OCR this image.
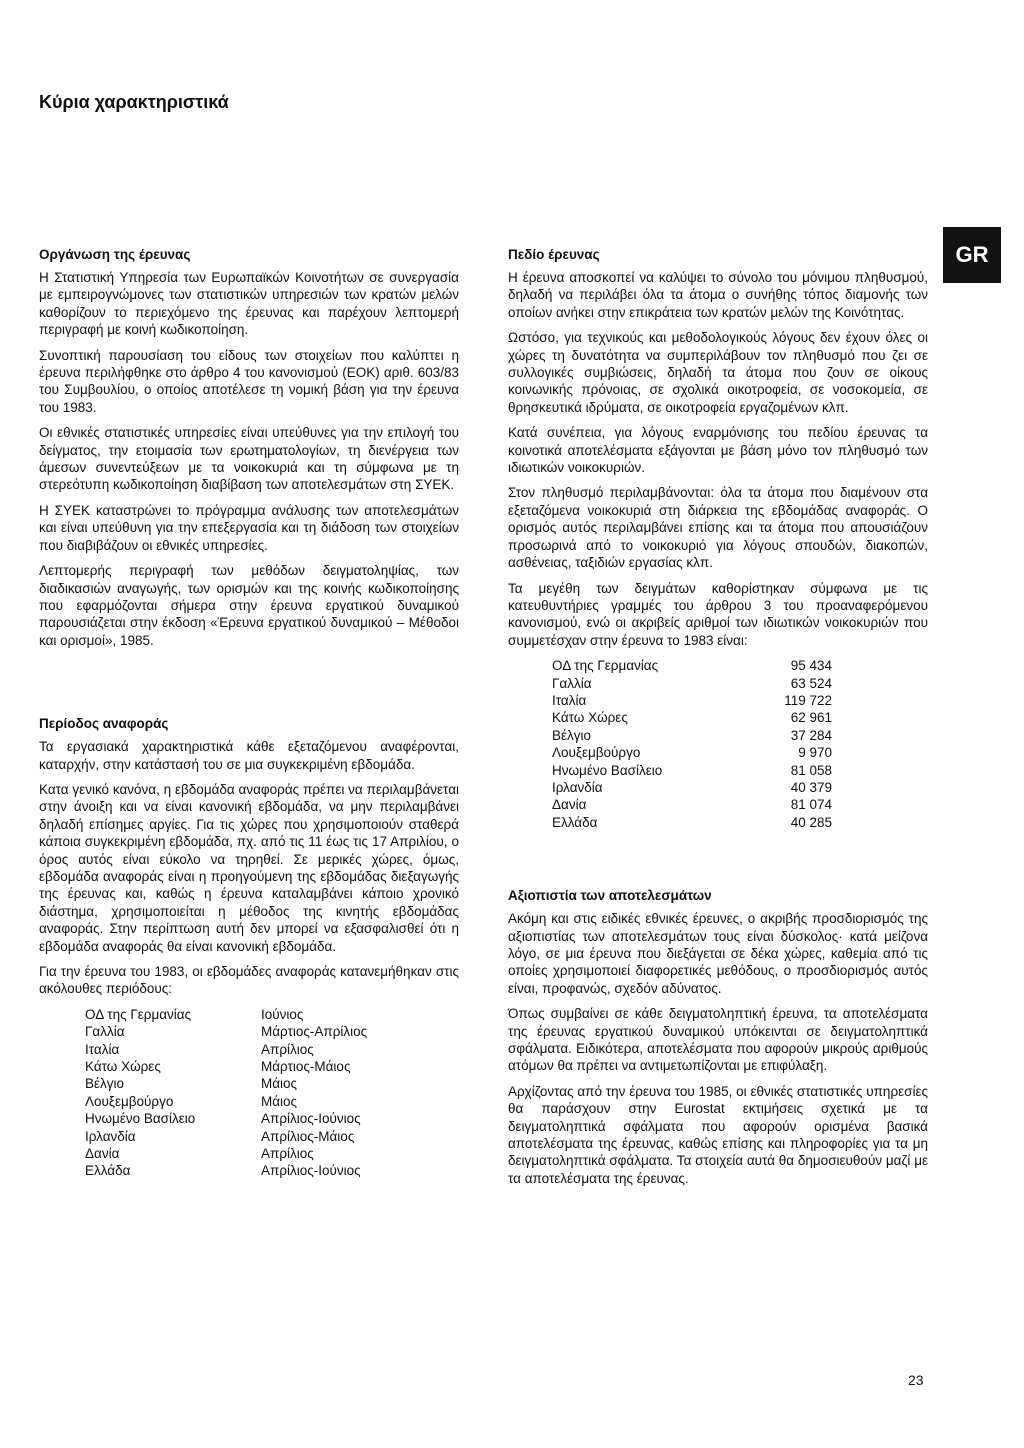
Κύρια χαρακτηριστικά
GR
Οργάνωση της έρευνας

Η Στατιστική Υπηρεσία των Ευρωπαϊκών Κοινοτήτων σε συνεργασία με εμπειρογνώμονες των στατιστικών υπηρεσιών των κρατών μελών καθορίζουν το περιεχόμενο της έρευνας και παρέχουν λεπτομερή περιγραφή με κοινή κωδικοποίηση.

Συνοπτική παρουσίαση του είδους των στοιχείων που καλύπτει η έρευνα περιλήφθηκε στο άρθρο 4 του κανονισμού (ΕΟΚ) αριθ. 603/83 του Συμβουλίου, ο οποίος αποτέλεσε τη νομική βάση για την έρευνα του 1983.

Οι εθνικές στατιστικές υπηρεσίες είναι υπεύθυνες για την επιλογή του δείγματος, την ετοιμασία των ερωτηματολογίων, τη διενέργεια των άμεσων συνεντεύξεων με τα νοικοκυριά και τη σύμφωνα με τη στερεότυπη κωδικοποίηση διαβίβαση των αποτελεσμάτων στη ΣΥΕΚ.

Η ΣΥΕΚ καταστρώνει το πρόγραμμα ανάλυσης των αποτελεσμάτων και είναι υπεύθυνη για την επεξεργασία και τη διάδοση των στοιχείων που διαβιβάζουν οι εθνικές υπηρεσίες.

Λεπτομερής περιγραφή των μεθόδων δειγματοληψίας, των διαδικασιών αναγωγής, των ορισμών και της κοινής κωδικοποίησης που εφαρμόζονται σήμερα στην έρευνα εργατικού δυναμικού παρουσιάζεται στην έκδοση «Έρευνα εργατικού δυναμικού – Μέθοδοι και ορισμοί», 1985.

Περίοδος αναφοράς

Τα εργασιακά χαρακτηριστικά κάθε εξεταζόμενου αναφέρονται, καταρχήν, στην κατάστασή του σε μια συγκεκριμένη εβδομάδα.

Κατα γενικό κανόνα, η εβδομάδα αναφοράς πρέπει να περιλαμβάνεται στην άνοιξη και να είναι κανονική εβδομάδα, να μην περιλαμβάνει δηλαδή επίσημες αργίες. Για τις χώρες που χρησιμοποιούν σταθερά κάποια συγκεκριμένη εβδομάδα, πχ. από τις 11 έως τις 17 Απριλίου, ο όρος αυτός είναι εύκολο να τηρηθεί. Σε μερικές χώρες, όμως, εβδομάδα αναφοράς είναι η προηγούμενη της εβδομάδας διεξαγωγής της έρευνας και, καθώς η έρευνα καταλαμβάνει κάποιο χρονικό διάστημα, χρησιμοποιείται η μέθοδος της κινητής εβδομάδας αναφοράς. Στην περίπτωση αυτή δεν μπορεί να εξασφαλισθεί ότι η εβδομάδα αναφοράς θα είναι κανονική εβδομάδα.

Για την έρευνα του 1983, οι εβδομάδες αναφοράς κατανεμήθηκαν στις ακόλουθες περιόδους:

ΟΔ της Γερμανίας	Ιούνιος
Γαλλία	Μάρτιος-Απρίλιος
Ιταλία	Απρίλιος
Κάτω Χώρες	Μάρτιος-Μάιος
Βέλγιο	Μάιος
Λουξεμβούργο	Μάιος
Ηνωμένο Βασίλειο	Απρίλιος-Ιούνιος
Ιρλανδία	Απρίλιος-Μάιος
Δανία	Απρίλιος
Ελλάδα	Απρίλιος-Ιούνιος
Πεδίο έρευνας

Η έρευνα αποσκοπεί να καλύψει το σύνολο του μόνιμου πληθυσμού, δηλαδή να περιλάβει όλα τα άτομα ο συνήθης τόπος διαμονής των οποίων ανήκει στην επικράτεια των κρατών μελών της Κοινότητας.

Ωστόσο, για τεχνικούς και μεθοδολογικούς λόγους δεν έχουν όλες οι χώρες τη δυνατότητα να συμπεριλάβουν τον πληθυσμό που ζει σε συλλογικές συμβιώσεις, δηλαδή τα άτομα που ζουν σε οίκους κοινωνικής πρόνοιας, σε σχολικά οικοτροφεία, σε νοσοκομεία, σε θρησκευτικά ιδρύματα, σε οικοτροφεία εργαζομένων κλπ.

Κατά συνέπεια, για λόγους εναρμόνισης του πεδίου έρευνας τα κοινοτικά αποτελέσματα εξάγονται με βάση μόνο τον πληθυσμό των ιδιωτικών νοικοκυριών.

Στον πληθυσμό περιλαμβάνονται: όλα τα άτομα που διαμένουν στα εξεταζόμενα νοικοκυριά στη διάρκεια της εβδομάδας αναφοράς. Ο ορισμός αυτός περιλαμβάνει επίσης και τα άτομα που απουσιάζουν προσωρινά από το νοικοκυριό για λόγους σπουδών, διακοπών, ασθένειας, ταξιδιών εργασίας κλπ.

Τα μεγέθη των δειγμάτων καθορίστηκαν σύμφωνα με τις κατευθυντήριες γραμμές του άρθρου 3 του προαναφερόμενου κανονισμού, ενώ οι ακριβείς αριθμοί των ιδιωτικών νοικοκυριών που συμμετέσχαν στην έρευνα το 1983 είναι:

ΟΔ της Γερμανίας	95 434
Γαλλία	63 524
Ιταλία	119 722
Κάτω Χώρες	62 961
Βέλγιο	37 284
Λουξεμβούργο	9 970
Ηνωμένο Βασίλειο	81 058
Ιρλανδία	40 379
Δανία	81 074
Ελλάδα	40 285
Αξιοπιστία των αποτελεσμάτων

Ακόμη και στις ειδικές εθνικές έρευνες, ο ακριβής προσδιορισμός της αξιοπιστίας των αποτελεσμάτων τους είναι δύσκολος· κατά μείζονα λόγο, σε μια έρευνα που διεξάγεται σε δέκα χώρες, καθεμία από τις οποίες χρησιμοποιεί διαφορετικές μεθόδους, ο προσδιορισμός αυτός είναι, προφανώς, σχεδόν αδύνατος.

Όπως συμβαίνει σε κάθε δειγματοληπτική έρευνα, τα αποτελέσματα της έρευνας εργατικού δυναμικού υπόκεινται σε δειγματοληπτικά σφάλματα. Ειδικότερα, αποτελέσματα που αφορούν μικρούς αριθμούς ατόμων θα πρέπει να αντιμετωπίζονται με επιφύλαξη.

Αρχίζοντας από την έρευνα του 1985, οι εθνικές στατιστικές υπηρεσίες θα παράσχουν στην Eurostat εκτιμήσεις σχετικά με τα δειγματοληπτικά σφάλματα που αφορούν ορισμένα βασικά αποτελέσματα της έρευνας, καθώς επίσης και πληροφορίες για τα μη δειγματοληπτικά σφάλματα. Τα στοιχεία αυτά θα δημοσιευθούν μαζί με τα αποτελέσματα της έρευνας.

23
